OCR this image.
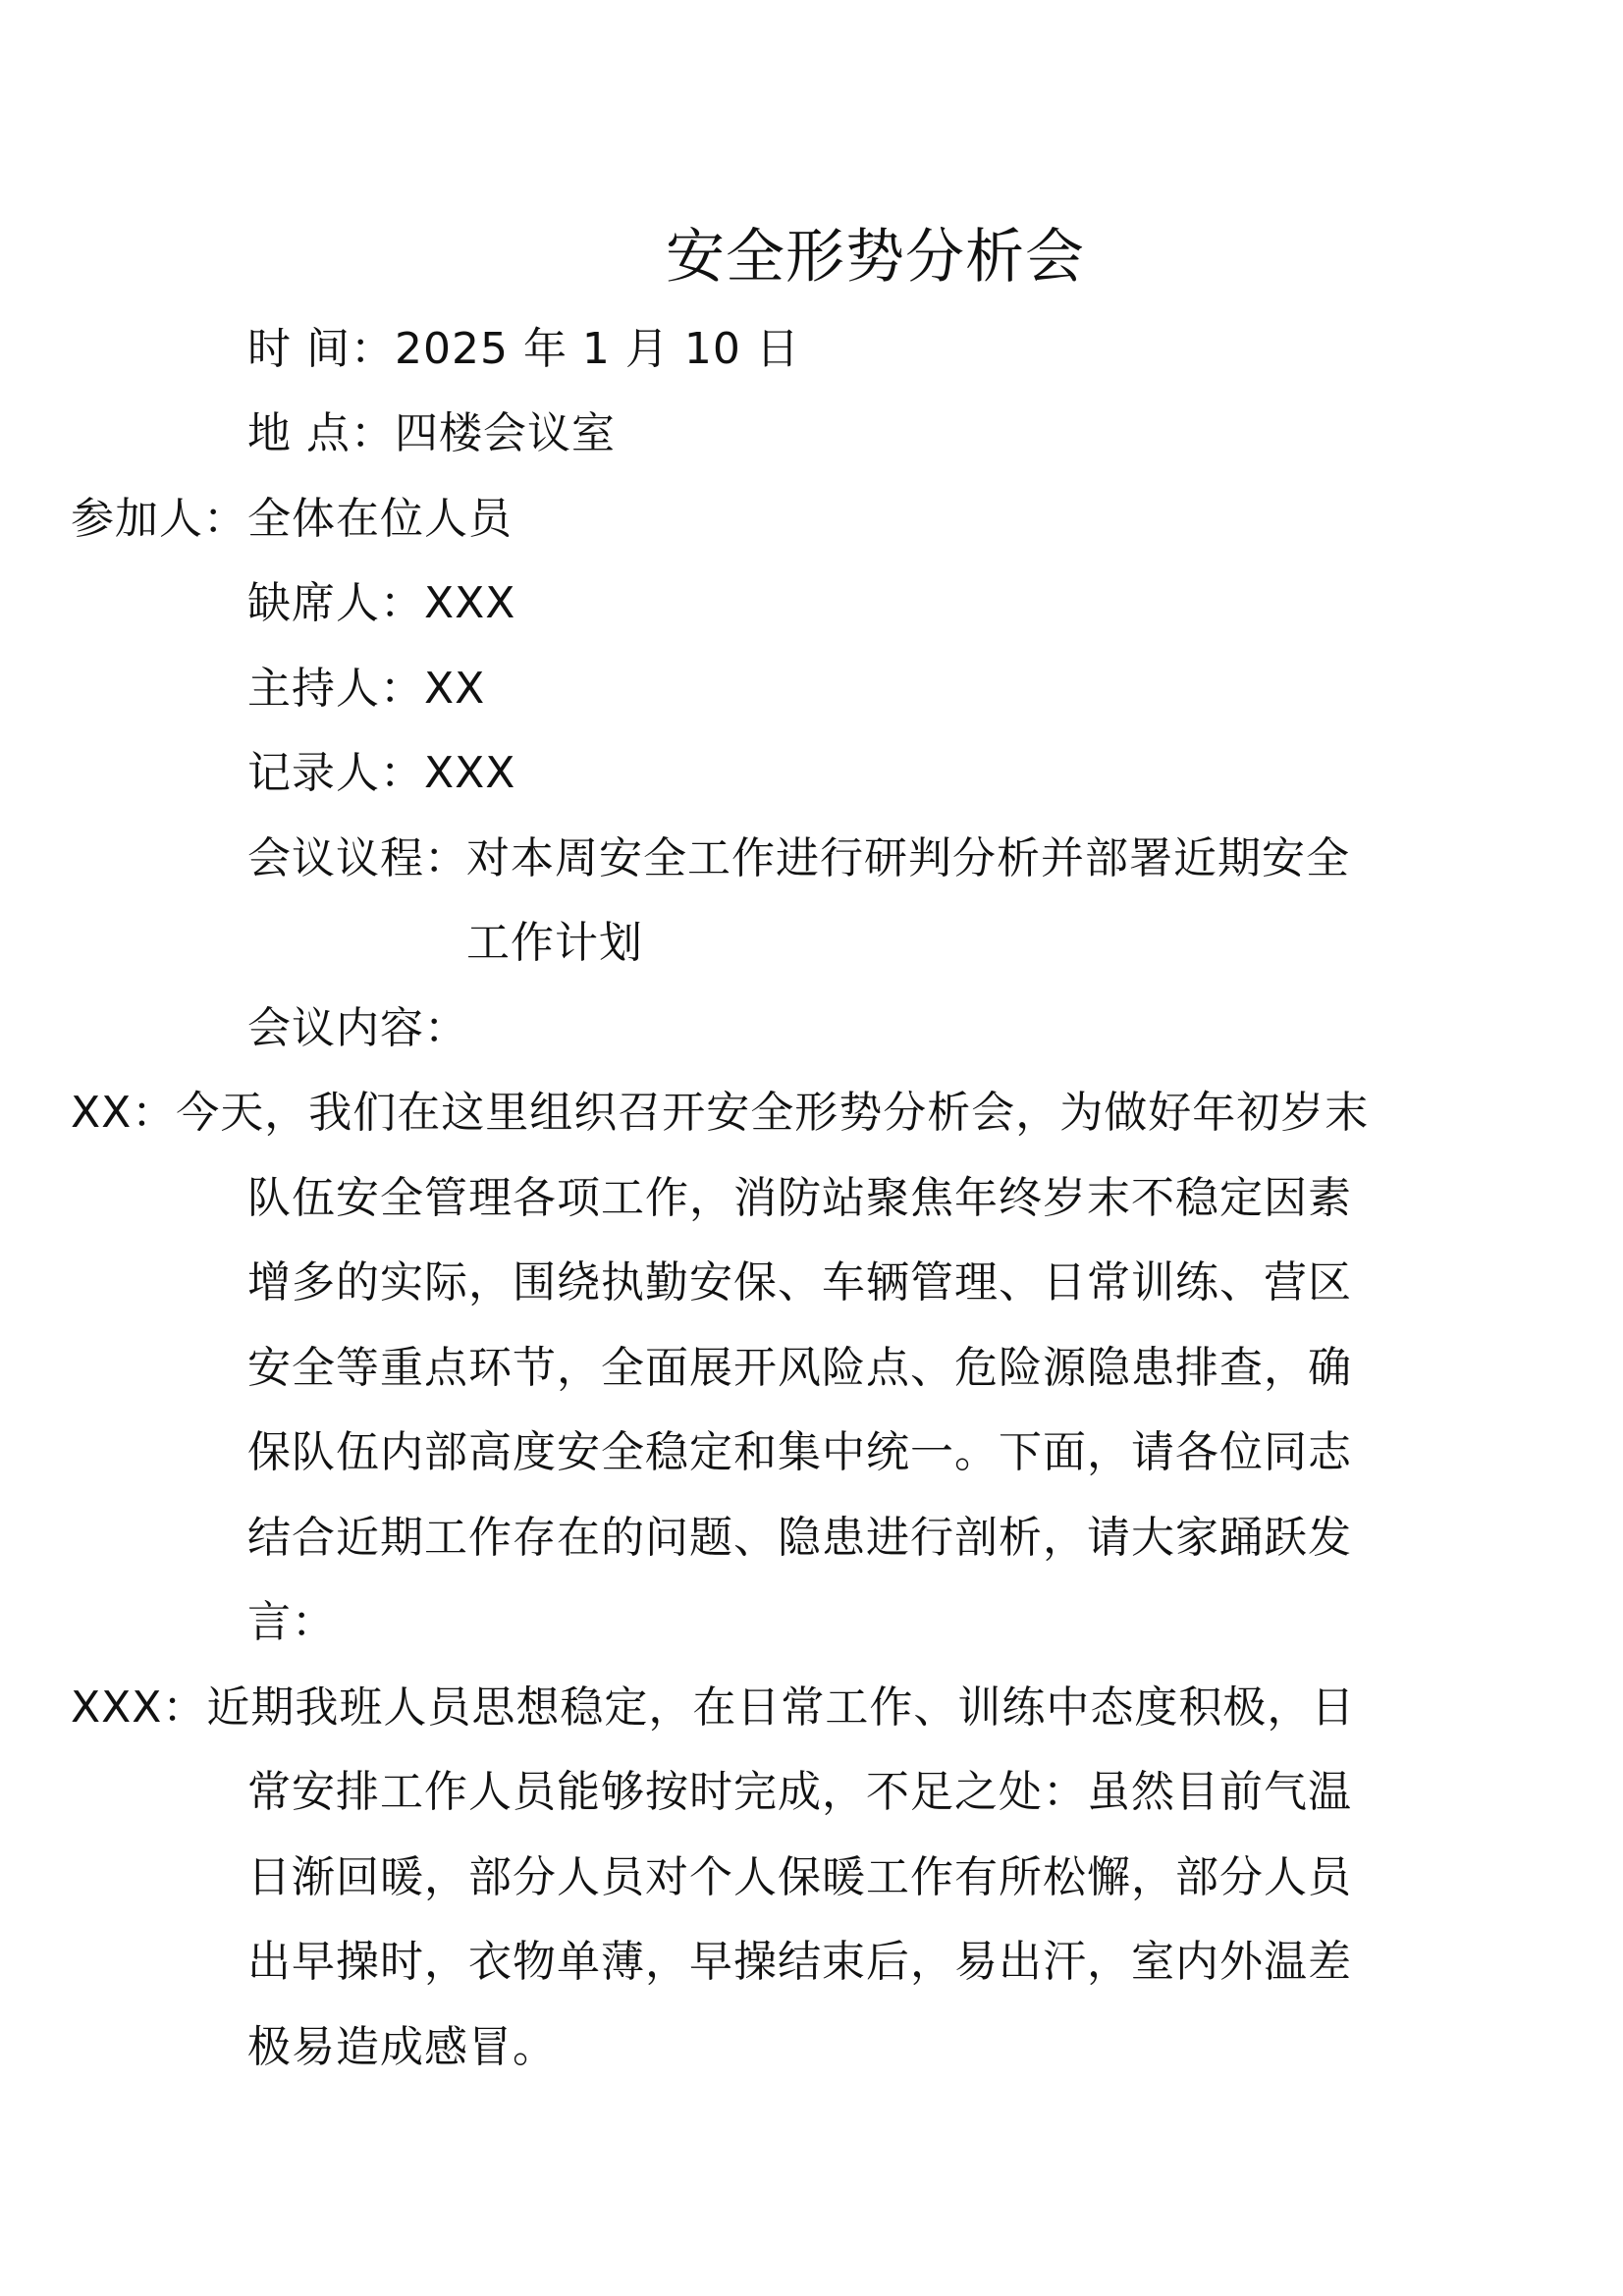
安全形势分析会
时 间：2025 年 1 月 10 日
地 点：四楼会议室
参加人：全体在位人员
缺席人：XXX
主持人：XX
记录人：XXX
会议议程：
对本周安全工作进行研判分析并部署近期安全
工作计划
会议内容：
XX：今天，我们在这里组织召开安全形势分析会，为做好年初岁末
队伍安全管理各项工作，消防站聚焦年终岁末不稳定因素
增多的实际，围绕执勤安保、车辆管理、日常训练、营区
安全等重点环节，全面展开风险点、危险源隐患排查，确
保队伍内部高度安全稳定和集中统一。下面，请各位同志
结合近期工作存在的问题、隐患进行剖析，请大家踊跃发
言：
XXX：近期我班人员思想稳定，在日常工作、训练中态度积极，日
常安排工作人员能够按时完成，不足之处：虽然目前气温
日渐回暖，部分人员对个人保暖工作有所松懈，部分人员
出早操时，衣物单薄，早操结束后，易出汗，室内外温差
极易造成感冒。
